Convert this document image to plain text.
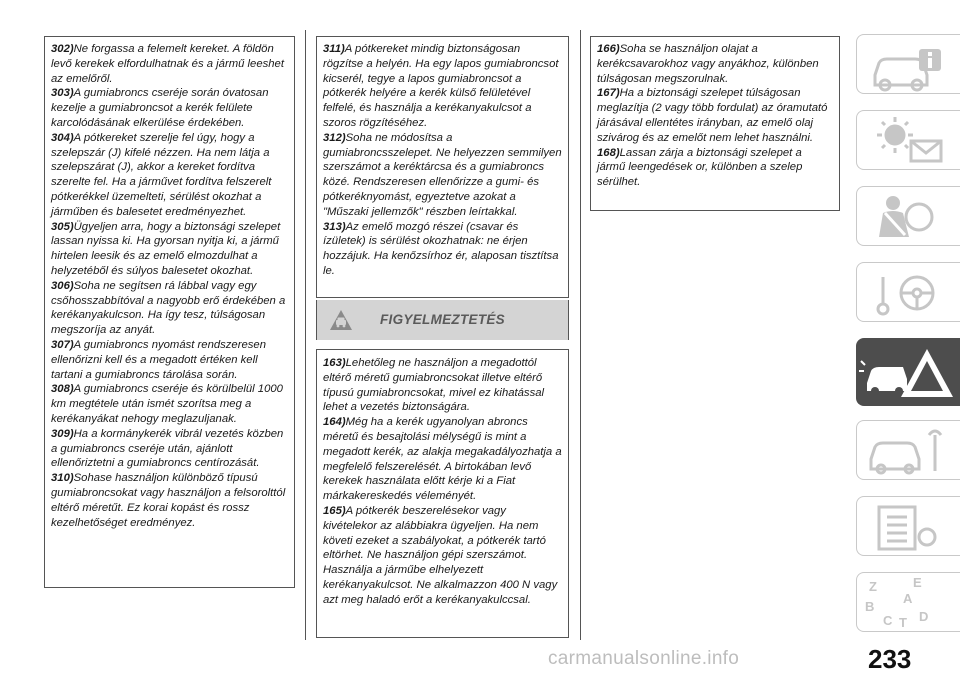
302)Ne forgassa a felemelt kereket. A földön levő kerekek elfordulhatnak és a jármű leeshet az emelőről.

303)A gumiabroncs cseréje során óvatosan kezelje a gumiabroncsot a kerék felülete karcolódásának elkerülése érdekében.

304)A pótkereket szerelje fel úgy, hogy a szelepszár (J) kifelé nézzen. Ha nem látja a szelepszárat (J), akkor a kereket fordítva szerelte fel. Ha a járművet fordítva felszerelt pótkerékkel üzemelteti, sérülést okozhat a járműben és balesetet eredményezhet.

305)Ügyeljen arra, hogy a biztonsági szelepet lassan nyissa ki. Ha gyorsan nyitja ki, a jármű hirtelen leesik és az emelő elmozdulhat a helyzetéből és súlyos balesetet okozhat.

306)Soha ne segítsen rá lábbal vagy egy csőhosszabbítóval a nagyobb erő érdekében a kerékanyakulcson. Ha így tesz, túlságosan megszoríja az anyát.

307)A gumiabroncs nyomást rendszeresen ellenőrizni kell és a megadott értéken kell tartani a gumiabroncs tárolása során.

308)A gumiabroncs cseréje és körülbelül 1000 km megtétele után ismét szorítsa meg a kerékanyákat nehogy meglazuljanak.

309)Ha a kormánykerék vibrál vezetés közben a gumiabroncs cseréje után, ajánlott ellenőriztetni a gumiabroncs centírozását.

310)Sohase használjon különböző típusú gumiabroncsokat vagy használjon a felsorolttól eltérő méretűt. Ez korai kopást és rossz kezelhetőséget eredményez.

311)A pótkereket mindig biztonságosan rögzítse a helyén. Ha egy lapos gumiabroncsot kicserél, tegye a lapos gumiabroncsot a pótkerék helyére a kerék külső felületével felfelé, és használja a kerékanyakulcsot a szoros rögzítéséhez.

312)Soha ne módosítsa a gumiabroncsszelepet. Ne helyezzen semmilyen szerszámot a keréktárcsa és a gumiabroncs közé. Rendszeresen ellenőrizze a gumi- és pótkeréknyomást, egyeztetve azokat a "Műszaki jellemzők" részben leírtakkal.

313)Az emelő mozgó részei (csavar és ízületek) is sérülést okozhatnak: ne érjen hozzájuk. Ha kenőzsírhoz ér, alaposan tisztítsa le.

FIGYELMEZTETÉS

163)Lehetőleg ne használjon a megadottól eltérő méretű gumiabroncsokat illetve eltérő típusú gumiabroncsokat, mivel ez kihatással lehet a vezetés biztonságára.

164)Még ha a kerék ugyanolyan abroncs méretű és besajtolási mélységű is mint a megadott kerék, az alakja megakadályozhatja a megfelelő felszerelését. A birtokában levő kerekek használata előtt kérje ki a Fiat márkakereskedés véleményét.

165)A pótkerék beszerelésekor vagy kivételekor az alábbiakra ügyeljen. Ha nem követi ezeket a szabályokat, a pótkerék tartó eltörhet. Ne használjon gépi szerszámot. Használja a járműbe elhelyezett kerékanyakulcsot. Ne alkalmazzon 400 N vagy azt meg haladó erőt a kerékanyakulccsal.

166)Soha se használjon olajat a kerékcsavarokhoz vagy anyákhoz, különben túlságosan megszorulnak.

167)Ha a biztonsági szelepet túlságosan meglazítja (2 vagy több fordulat) az óramutató járásával ellentétes irányban, az emelő olaj szivárog és az emelőt nem lehet használni.

168)Lassan zárja a biztonsági szelepet a jármű leengedések or, különben a szelep sérülhet.

Z	E
B
A
C T D
233
carmanualsonline.info
